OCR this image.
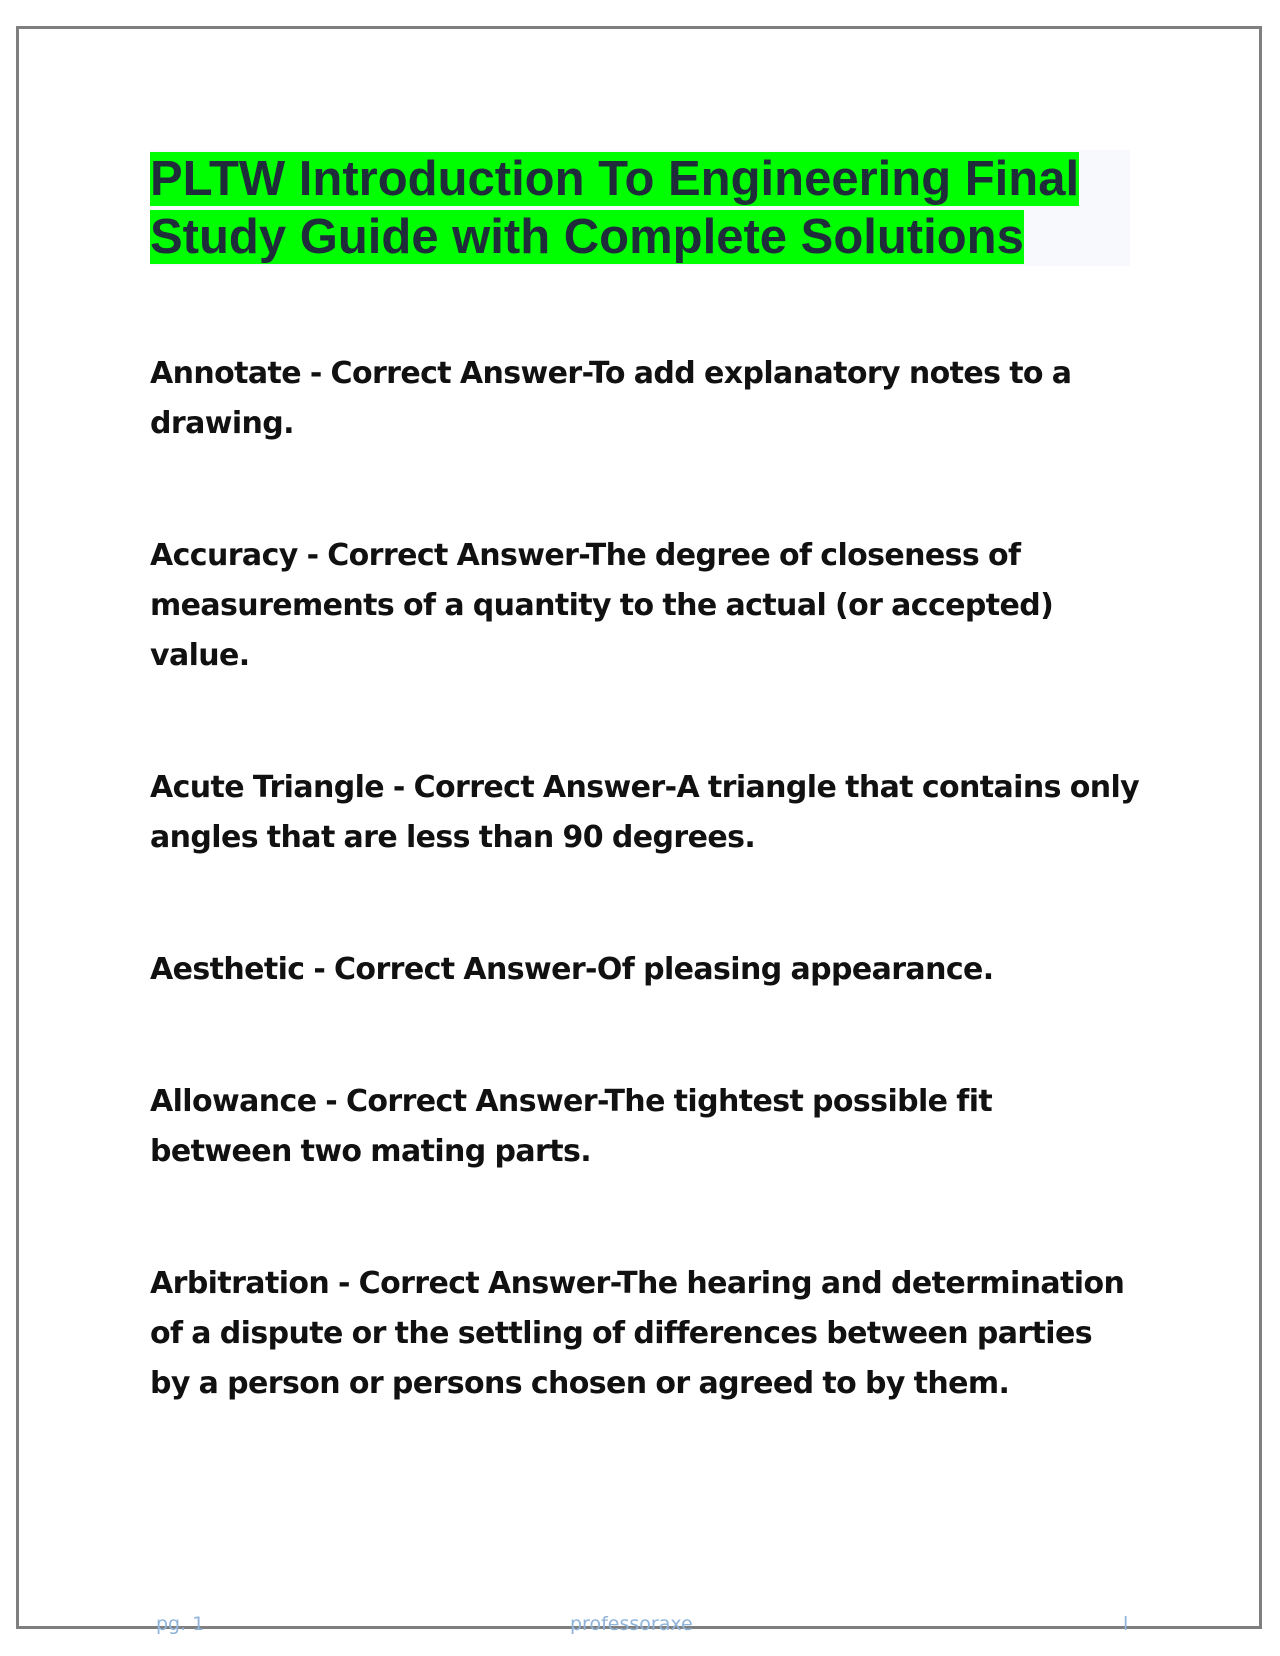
PLTW Introduction To Engineering Final
Study Guide with Complete Solutions

Annotate - Correct Answer-To add explanatory notes to a drawing.

Accuracy - Correct Answer-The degree of closeness of measurements of a quantity to the actual (or accepted) value.

Acute Triangle - Correct Answer-A triangle that contains only angles that are less than 90 degrees.

Aesthetic - Correct Answer-Of pleasing appearance.

Allowance - Correct Answer-The tightest possible fit between two mating parts.

Arbitration - Correct Answer-The hearing and determination of a dispute or the settling of differences between parties by a person or persons chosen or agreed to by them.

pg. 1	professoraxe	l
